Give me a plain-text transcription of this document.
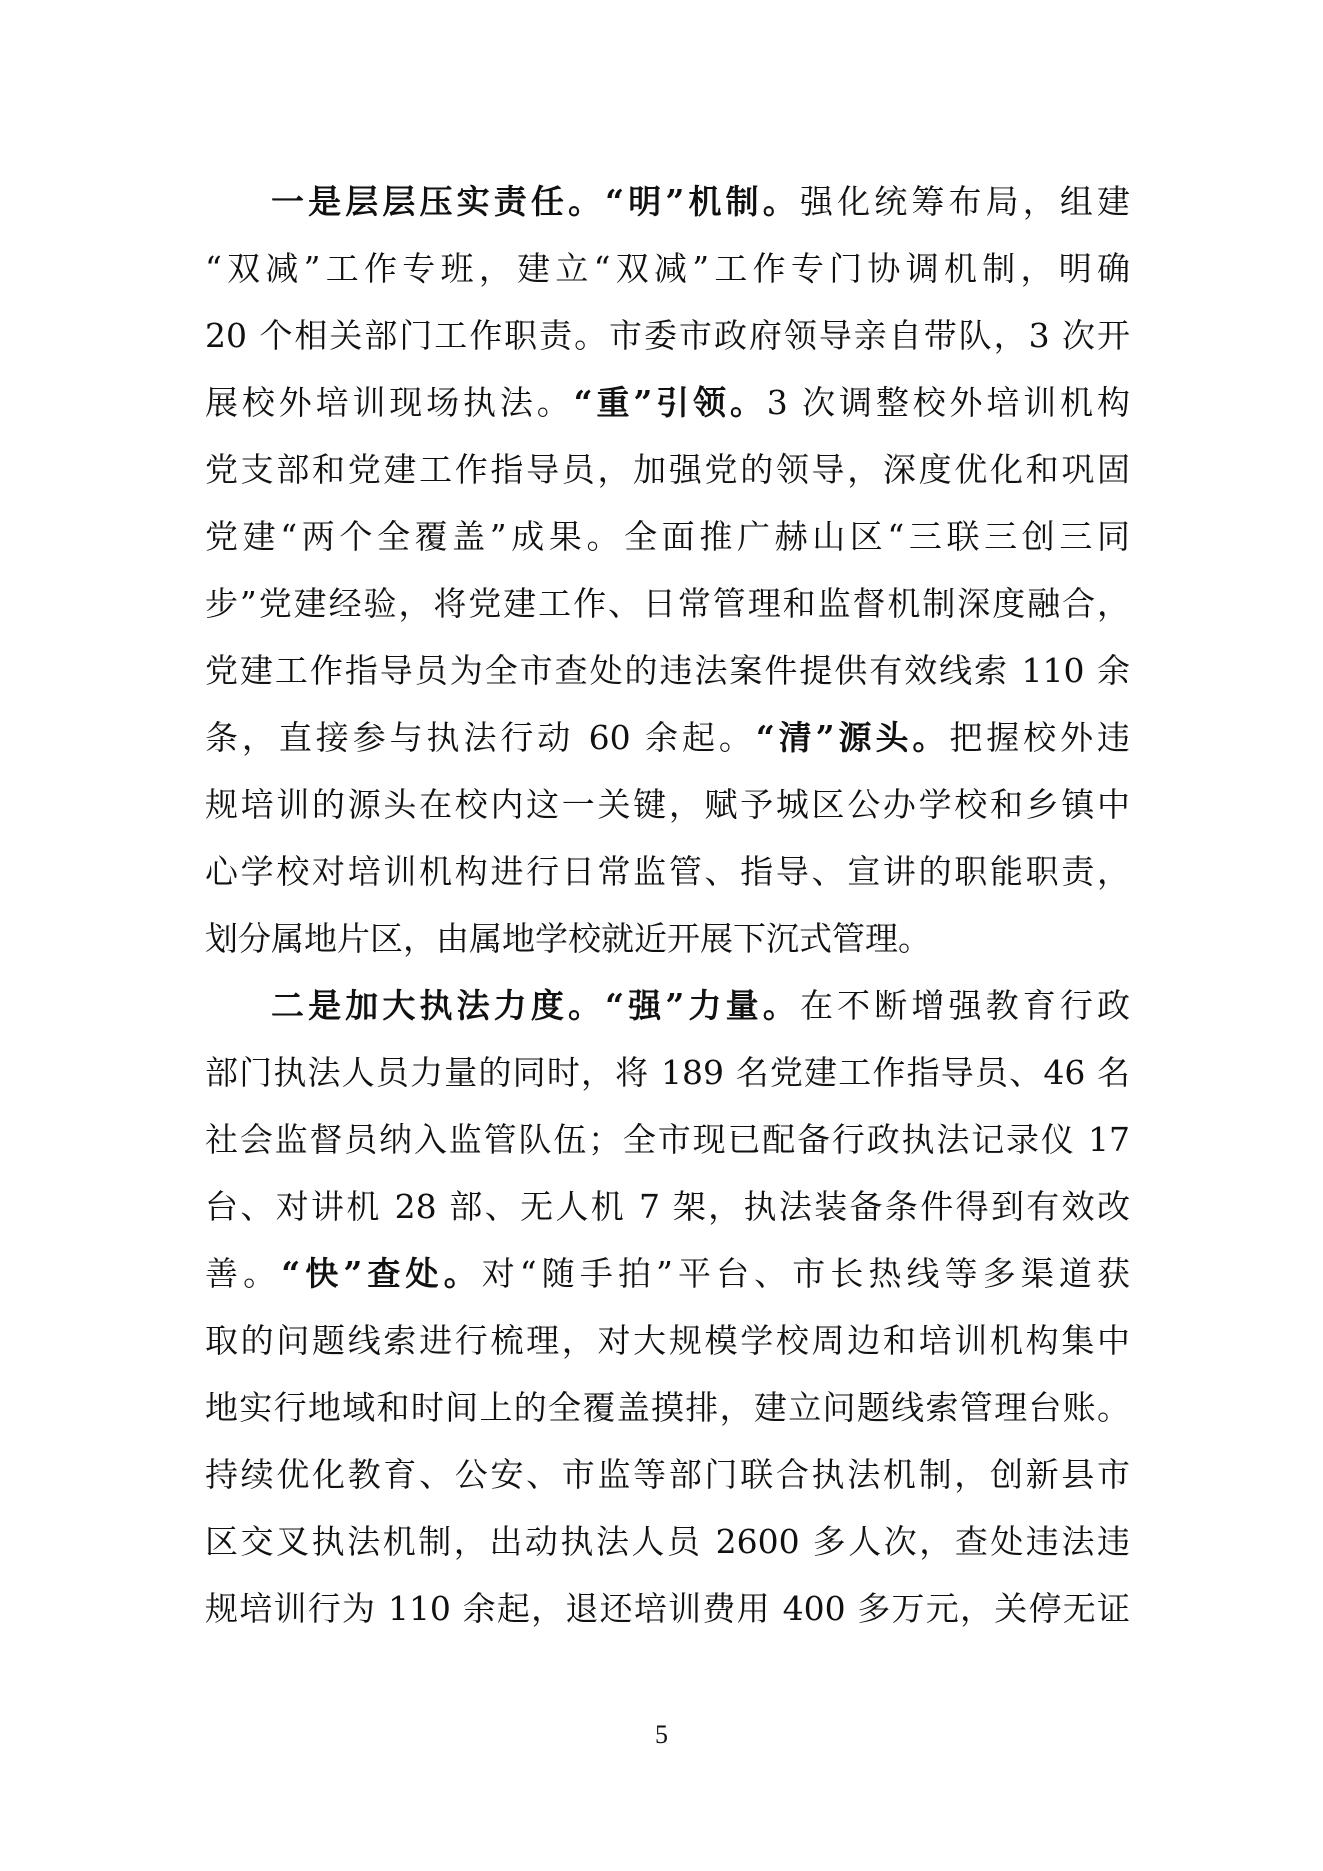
一是层层压实责任。“明”机制。强化统筹布局，组建
“双减”工作专班，建立“双减”工作专门协调机制，明确
20 个相关部门工作职责。市委市政府领导亲自带队，3 次开
展校外培训现场执法。“重”引领。3 次调整校外培训机构
党支部和党建工作指导员，加强党的领导，深度优化和巩固
党建“两个全覆盖”成果。全面推广赫山区“三联三创三同
步”党建经验，将党建工作、日常管理和监督机制深度融合，
党建工作指导员为全市查处的违法案件提供有效线索 110 余
条，直接参与执法行动 60 余起。“清”源头。把握校外违
规培训的源头在校内这一关键，赋予城区公办学校和乡镇中
心学校对培训机构进行日常监管、指导、宣讲的职能职责，
划分属地片区，由属地学校就近开展下沉式管理。
二是加大执法力度。“强”力量。在不断增强教育行政
部门执法人员力量的同时，将 189 名党建工作指导员、46 名
社会监督员纳入监管队伍；全市现已配备行政执法记录仪 17
台、对讲机 28 部、无人机 7 架，执法装备条件得到有效改
善。“快”查处。对“随手拍”平台、市长热线等多渠道获
取的问题线索进行梳理，对大规模学校周边和培训机构集中
地实行地域和时间上的全覆盖摸排，建立问题线索管理台账。
持续优化教育、公安、市监等部门联合执法机制，创新县市
区交叉执法机制，出动执法人员 2600 多人次，查处违法违
规培训行为 110 余起，退还培训费用 400 多万元，关停无证
5
